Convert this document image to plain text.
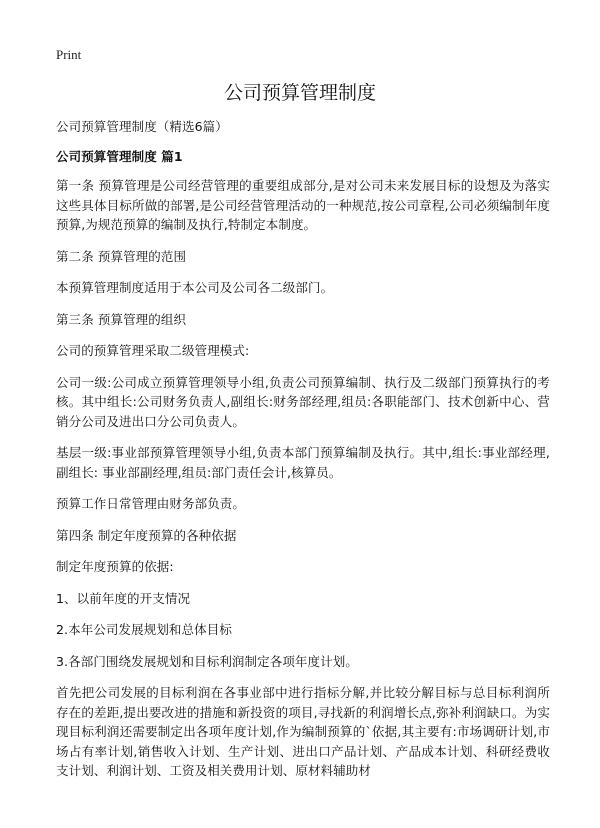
Print
公司预算管理制度
公司预算管理制度（精选6篇）
公司预算管理制度 篇1
第一条 预算管理是公司经营管理的重要组成部分,是对公司未来发展目标的设想及为落实这些具体目标所做的部署,是公司经营管理活动的一种规范,按公司章程,公司必须编制年度预算,为规范预算的编制及执行,特制定本制度。
第二条 预算管理的范围
本预算管理制度适用于本公司及公司各二级部门。
第三条 预算管理的组织
公司的预算管理采取二级管理模式:
公司一级:公司成立预算管理领导小组,负责公司预算编制、执行及二级部门预算执行的考核。其中组长:公司财务负责人,副组长:财务部经理,组员:各职能部门、技术创新中心、营销分公司及进出口分公司负责人。
基层一级:事业部预算管理领导小组,负责本部门预算编制及执行。其中,组长:事业部经理,副组长: 事业部副经理,组员:部门责任会计,核算员。
预算工作日常管理由财务部负责。
第四条 制定年度预算的各种依据
制定年度预算的依据:
1、以前年度的开支情况
2.本年公司发展规划和总体目标
3.各部门围绕发展规划和目标利润制定各项年度计划。
首先把公司发展的目标利润在各事业部中进行指标分解,并比较分解目标与总目标利润所存在的差距,提出要改进的措施和新投资的项目,寻找新的利润增长点,弥补利润缺口。为实现目标利润还需要制定出各项年度计划,作为编制预算的`依据,其主要有:市场调研计划,市场占有率计划,销售收入计划、生产计划、进出口产品计划、产品成本计划、科研经费收支计划、利润计划、工资及相关费用计划、原材料辅助材
